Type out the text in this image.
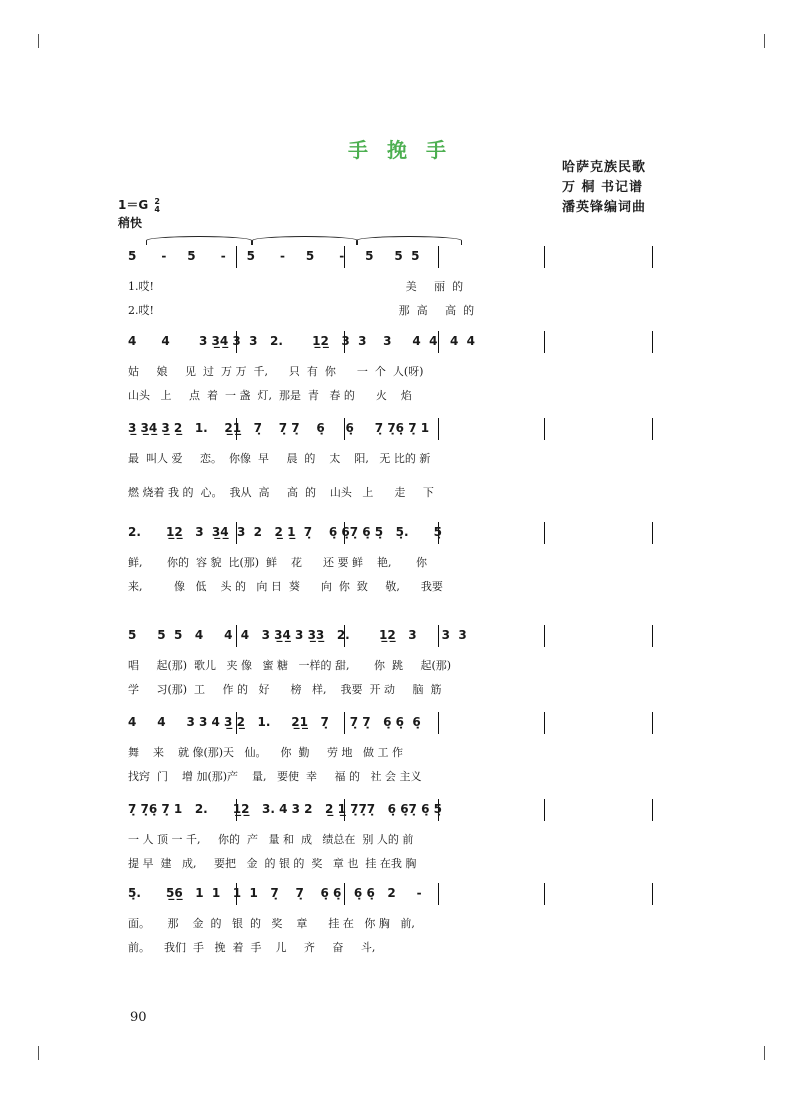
手 挽 手
哈萨克族民歌
万 桐 书记谱
潘英锋编词曲
1＝G 2
4
稍快
5      -     5      -     5      -     5      -     5     5  5
1.哎!                                                                        美     丽  的
2.哎!                                                                      那  高     高  的
4      4       3 3̲4̲ 3  3   2.       1̲2̲   3  3    3     4  4   4  4
姑     娘     见  过  万 万  千,      只  有  你      一  个  人(呀)
山头   上     点  着  一 盏  灯,  那是  青   春 的      火    焰
3̲ 3̲4̲ 3̲ 2̲   1.    2̲1̲   7̣    7̣ 7̣    6̣     6̣     7̣ 7̣6̣ 7̣ 1
最  叫人 爱     恋。  你像  早     晨  的    太    阳,   无 比的 新
燃 烧着 我 的  心。  我从  高     高  的    山头   上      走     下
2.      1̲2̲   3  3̲4̲  3  2   2̲ 1̲  7̣    6̣ 6̣7̣ 6̣ 5̣   5̣.      5̣
鲜,       你的  容 貌  比(那)  鲜    花      还 要 鲜    艳,       你
来,         像   低    头 的   向 日  葵      向  你  致     敬,      我要
5     5  5   4     4  4   3 3̲4̲ 3 3̲3̲   2.       1̲2̲   3      3  3
唱     起(那)  歌儿   夹 像   蜜 糖   一样的 甜,       你  跳     起(那)
学     习(那)  工     作 的   好      榜   样,    我要  开 动     脑  筋
4     4     3 3 4 3̲ 2̲   1.     2̲1̲   7̣     7̣ 7̣   6̣ 6̣  6̣
舞    来    就 像(那)天   仙。    你  勤     劳 地   做 工 作
找窍  门    增 加(那)产    量,   要使  幸     福 的   社 会 主义
7̣ 7̣6̣ 7̣ 1   2.      1̲2̲   3. 4 3 2   2̲ 1̲ 7̣7̣7̣   6̣ 6̣7̣ 6̣ 5̣
一 人 顶 一 千,     你的  产   量 和  成   绩总在  别 人的 前
提 早  建   成,     要把   金  的 银 的  奖   章 也  挂 在我 胸
5̣.      5̲6̲   1  1   1  1   7̣    7̣    6̣ 6̣   6̣ 6̣   2     -
面。     那    金  的   银  的   奖    章      挂 在   你 胸   前,
前。    我们  手   挽  着  手    儿     齐     奋     斗,
90
